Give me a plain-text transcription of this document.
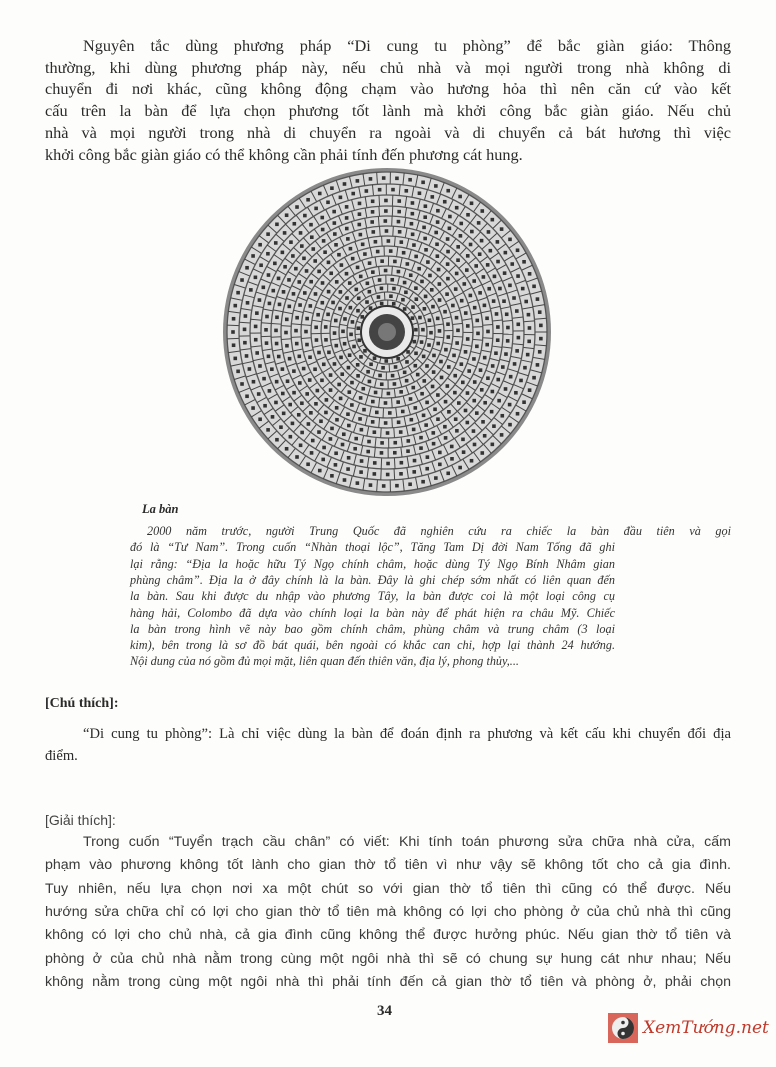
Nguyên tắc dùng phương pháp “Di cung tu phòng” để bắc giàn giáo: Thông
thường, khi dùng phương pháp này, nếu chủ nhà và mọi người trong nhà không di
chuyển đi nơi khác, cũng không động chạm vào hương hỏa thì nên căn cứ vào kết
cấu trên la bàn để lựa chọn phương tốt lành mà khởi công bắc giàn giáo. Nếu chủ
nhà và mọi người trong nhà di chuyển ra ngoài và di chuyển cả bát hương thì việc
khởi công bắc giàn giáo có thể không cần phải tính đến phương cát hung.
La bàn
2000 năm trước, người Trung Quốc đã nghiên cứu ra chiếc la bàn đầu tiên và gọi
đó là “Tư Nam”. Trong cuốn “Nhàn thoại lộc”, Tăng Tam Dị đời Nam Tống đã ghi
lại rằng: “Địa la hoặc hữu Tý Ngọ chính châm, hoặc dùng Tý Ngọ Bính Nhâm gian
phùng châm”. Địa la ở đây chính là la bàn. Đây là ghi chép sớm nhất có liên quan đến
la bàn. Sau khi được du nhập vào phương Tây, la bàn được coi là một loại công cụ
hàng hải, Colombo đã dựa vào chính loại la bàn này để phát hiện ra châu Mỹ. Chiếc
la bàn trong hình vẽ này bao gồm chính châm, phùng châm và trung châm (3 loại
kim), bên trong là sơ đồ bát quái, bên ngoài có khắc can chi, hợp lại thành 24 hướng.
Nội dung của nó gồm đủ mọi mặt, liên quan đến thiên văn, địa lý, phong thủy,...
[Chú thích]:
“Di cung tu phòng”: Là chỉ việc dùng la bàn để đoán định ra phương và kết cấu khi chuyển đổi địa
điểm.
[Giải thích]:
Trong cuốn “Tuyển trạch cầu chân” có viết: Khi tính toán phương sửa chữa nhà cửa, cấm
phạm vào phương không tốt lành cho gian thờ tổ tiên vì như vậy sẽ không tốt cho cả gia đình.
Tuy nhiên, nếu lựa chọn nơi xa một chút so với gian thờ tổ tiên thì cũng có thể được. Nếu
hướng sửa chữa chỉ có lợi cho gian thờ tổ tiên mà không có lợi cho phòng ở của chủ nhà thì cũng
không có lợi cho chủ nhà, cả gia đình cũng không thể được hưởng phúc. Nếu gian thờ tổ tiên và
phòng ở của chủ nhà nằm trong cùng một ngôi nhà thì sẽ có chung sự hung cát như nhau; Nếu
không nằm trong cùng một ngôi nhà thì phải tính đến cả gian thờ tổ tiên và phòng ở, phải chọn
34
XemTướng.net
